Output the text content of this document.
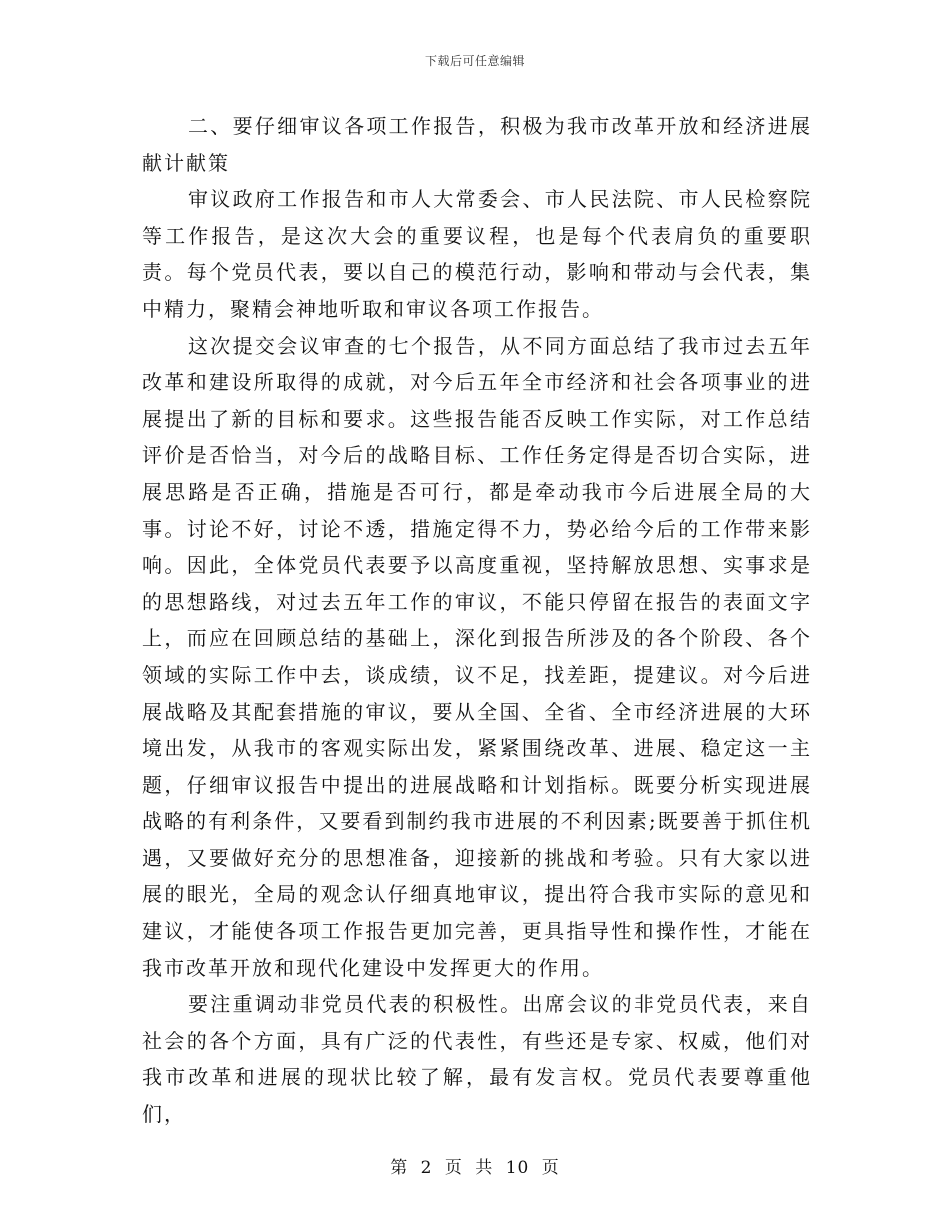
下载后可任意编辑

二、要仔细审议各项工作报告，积极为我市改革开放和经济进展献计献策

审议政府工作报告和市人大常委会、市人民法院、市人民检察院等工作报告，是这次大会的重要议程，也是每个代表肩负的重要职责。每个党员代表，要以自己的模范行动，影响和带动与会代表，集中精力，聚精会神地听取和审议各项工作报告。

这次提交会议审查的七个报告，从不同方面总结了我市过去五年改革和建设所取得的成就，对今后五年全市经济和社会各项事业的进展提出了新的目标和要求。这些报告能否反映工作实际，对工作总结评价是否恰当，对今后的战略目标、工作任务定得是否切合实际，进展思路是否正确，措施是否可行，都是牵动我市今后进展全局的大事。讨论不好，讨论不透，措施定得不力，势必给今后的工作带来影响。因此，全体党员代表要予以高度重视，坚持解放思想、实事求是的思想路线，对过去五年工作的审议，不能只停留在报告的表面文字上，而应在回顾总结的基础上，深化到报告所涉及的各个阶段、各个领域的实际工作中去，谈成绩，议不足，找差距，提建议。对今后进展战略及其配套措施的审议，要从全国、全省、全市经济进展的大环境出发，从我市的客观实际出发，紧紧围绕改革、进展、稳定这一主题，仔细审议报告中提出的进展战略和计划指标。既要分析实现进展战略的有利条件，又要看到制约我市进展的不利因素;既要善于抓住机遇，又要做好充分的思想准备，迎接新的挑战和考验。只有大家以进展的眼光，全局的观念认仔细真地审议，提出符合我市实际的意见和建议，才能使各项工作报告更加完善，更具指导性和操作性，才能在我市改革开放和现代化建设中发挥更大的作用。

要注重调动非党员代表的积极性。出席会议的非党员代表，来自社会的各个方面，具有广泛的代表性，有些还是专家、权威，他们对我市改革和进展的现状比较了解，最有发言权。党员代表要尊重他们，

第 2 页 共 10 页
